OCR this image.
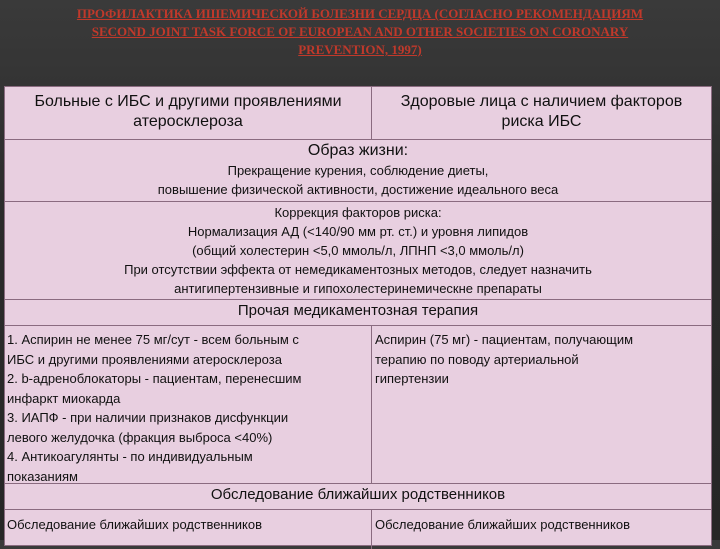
ПРОФИЛАКТИКА ИШЕМИЧЕСКОЙ БОЛЕЗНИ СЕРДЦА (СОГЛАСНО РЕКОМЕНДАЦИЯМ
SECOND JOINT TASK FORCE OF EUROPEAN AND OTHER SOCIETIES ON CORONARY
PREVENTION, 1997)
Больные с ИБС и другими проявлениями
атеросклероза
Здоровые лица с наличием факторов
риска ИБС
Образ жизни:
Прекращение курения, соблюдение диеты,
повышение физической активности, достижение идеального веса
Коррекция факторов риска:
Нормализация АД (<140/90 мм рт. ст.) и уровня липидов
(общий холестерин <5,0 ммоль/л, ЛПНП <3,0 ммоль/л)
При отсутствии эффекта от немедикаментозных методов, следует назначить
антигипертензивные и гипохолестеринемическне препараты
Прочая медикаментозная терапия
1. Аспирин не менее 75 мг/сут - всем больным с
ИБС и другими проявлениями атеросклероза
2. b-адреноблокаторы - пациентам, перенесшим
инфаркт миокарда
3. ИАПФ - при наличии признаков дисфункции
левого желудочка (фракция выброса <40%)
4. Антикоагулянты - по индивидуальным
показаниям
Аспирин (75 мг) - пациентам, получающим
терапию по поводу артериальной
гипертензии
Обследование ближайших родственников
Обследование ближайших родственников	Обследование ближайших родственников
